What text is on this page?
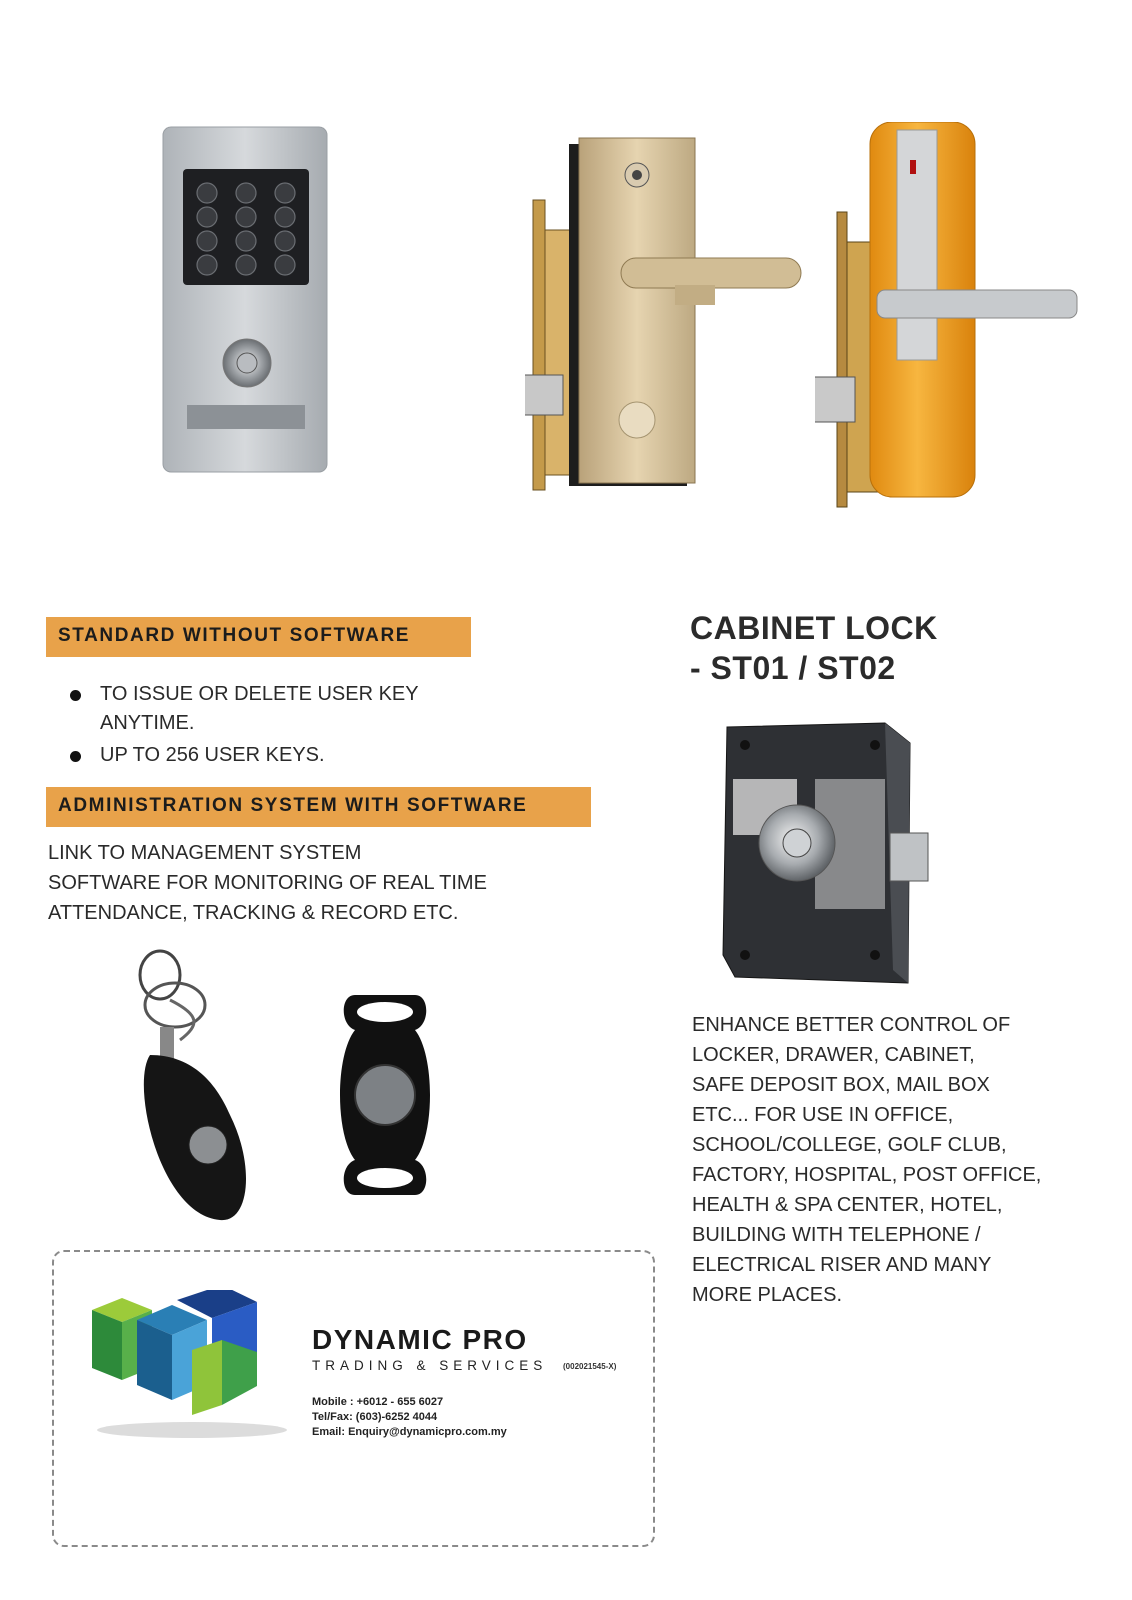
STANDARD WITHOUT SOFTWARE
TO ISSUE OR DELETE USER KEY ANYTIME.
UP TO 256 USER KEYS.
ADMINISTRATION SYSTEM WITH SOFTWARE
LINK TO MANAGEMENT SYSTEM
SOFTWARE FOR MONITORING OF REAL TIME
ATTENDANCE, TRACKING & RECORD ETC.
CABINET LOCK
- ST01 / ST02
ENHANCE BETTER CONTROL OF
LOCKER, DRAWER, CABINET,
SAFE DEPOSIT BOX, MAIL BOX
ETC... FOR USE IN OFFICE,
SCHOOL/COLLEGE, GOLF CLUB,
FACTORY, HOSPITAL, POST OFFICE,
HEALTH & SPA CENTER, HOTEL,
BUILDING WITH TELEPHONE /
ELECTRICAL RISER AND MANY
MORE PLACES.
DYNAMIC PRO
TRADING & SERVICES (002021545-X)
Mobile : +6012 - 655 6027
Tel/Fax: (603)-6252 4044
Email: Enquiry@dynamicpro.com.my
